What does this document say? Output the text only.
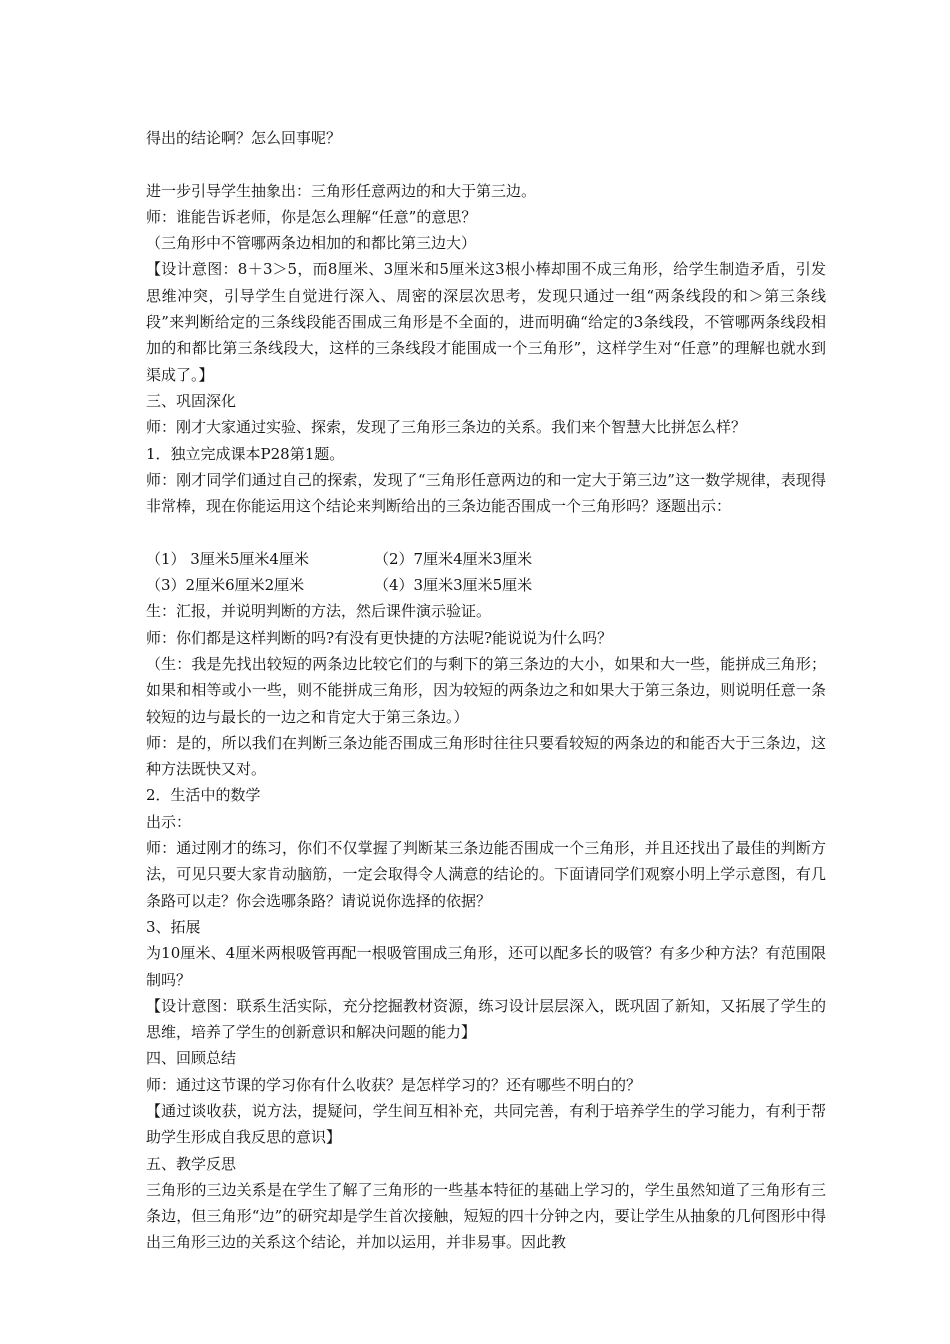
得出的结论啊？怎么回事呢？

进一步引导学生抽象出：三角形任意两边的和大于第三边。

师：谁能告诉老师，你是怎么理解“任意”的意思？

（三角形中不管哪两条边相加的和都比第三边大）

【设计意图：8＋3＞5，而8厘米、3厘米和5厘米这3根小棒却围不成三角形，给学生制造矛盾，引发思维冲突，引导学生自觉进行深入、周密的深层次思考，发现只通过一组“两条线段的和＞第三条线段”来判断给定的三条线段能否围成三角形是不全面的，进而明确“给定的3条线段，不管哪两条线段相加的和都比第三条线段大，这样的三条线段才能围成一个三角形”，这样学生对“任意”的理解也就水到渠成了。】

三、巩固深化

师：刚才大家通过实验、探索，发现了三角形三条边的关系。我们来个智慧大比拼怎么样？

1．独立完成课本P28第1题。

师：刚才同学们通过自己的探索，发现了“三角形任意两边的和一定大于第三边”这一数学规律，表现得非常棒，现在你能运用这个结论来判断给出的三条边能否围成一个三角形吗？逐题出示：

（1） 3厘米5厘米4厘米	（2）7厘米4厘米3厘米
（3）2厘米6厘米2厘米	（4）3厘米3厘米5厘米

生：汇报，并说明判断的方法，然后课件演示验证。

师：你们都是这样判断的吗?有没有更快捷的方法呢?能说说为什么吗？

（生：我是先找出较短的两条边比较它们的与剩下的第三条边的大小，如果和大一些，能拼成三角形；如果和相等或小一些，则不能拼成三角形，因为较短的两条边之和如果大于第三条边，则说明任意一条较短的边与最长的一边之和肯定大于第三条边。）

师：是的，所以我们在判断三条边能否围成三角形时往往只要看较短的两条边的和能否大于三条边，这种方法既快又对。

2．生活中的数学

出示：

师：通过刚才的练习，你们不仅掌握了判断某三条边能否围成一个三角形，并且还找出了最佳的判断方法，可见只要大家肯动脑筋，一定会取得令人满意的结论的。下面请同学们观察小明上学示意图，有几条路可以走？你会选哪条路？请说说你选择的依据？

3、拓展

为10厘米、4厘米两根吸管再配一根吸管围成三角形，还可以配多长的吸管？有多少种方法？有范围限制吗？

【设计意图：联系生活实际，充分挖掘教材资源，练习设计层层深入，既巩固了新知，又拓展了学生的思维，培养了学生的创新意识和解决问题的能力】

四、回顾总结

师：通过这节课的学习你有什么收获？是怎样学习的？还有哪些不明白的？

【通过谈收获，说方法，提疑问，学生间互相补充，共同完善，有利于培养学生的学习能力，有利于帮助学生形成自我反思的意识】

五、教学反思

三角形的三边关系是在学生了解了三角形的一些基本特征的基础上学习的，学生虽然知道了三角形有三条边，但三角形“边”的研究却是学生首次接触，短短的四十分钟之内，要让学生从抽象的几何图形中得出三角形三边的关系这个结论，并加以运用，并非易事。因此教
